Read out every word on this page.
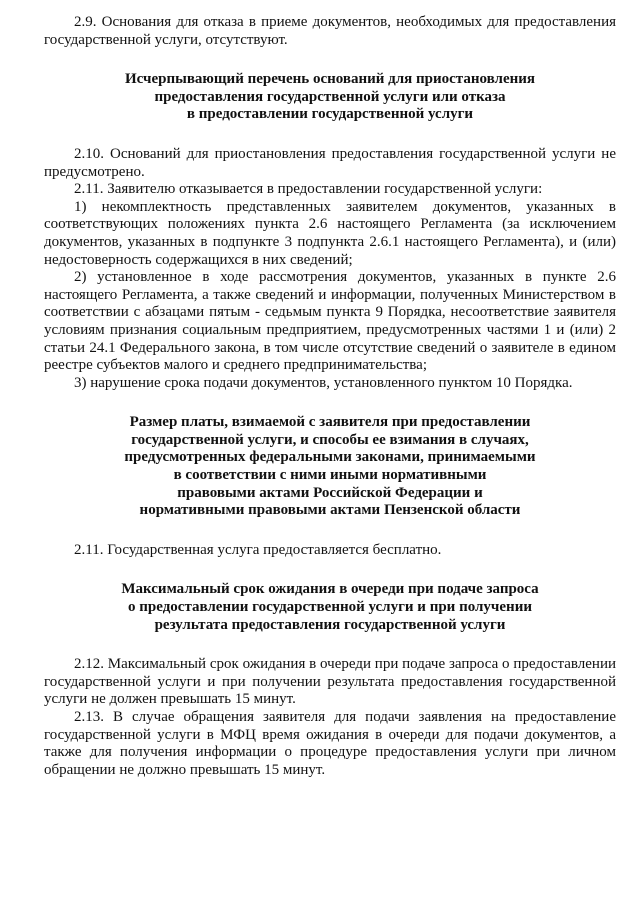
2.9. Основания для отказа в приеме документов, необходимых для предоставления государственной услуги, отсутствуют.

Исчерпывающий перечень оснований для приостановления
предоставления государственной услуги или отказа
в предоставлении государственной услуги

2.10. Оснований для приостановления предоставления государственной услуги не предусмотрено.

2.11. Заявителю отказывается в предоставлении государственной услуги:

1) некомплектность представленных заявителем документов, указанных в соответствующих положениях пункта 2.6 настоящего Регламента (за исключением документов, указанных в подпункте 3 подпункта 2.6.1 настоящего Регламента), и (или) недостоверность содержащихся в них сведений;

2) установленное в ходе рассмотрения документов, указанных в пункте 2.6 настоящего Регламента, а также сведений и информации, полученных Министерством в соответствии с абзацами пятым - седьмым пункта 9 Порядка, несоответствие заявителя условиям признания социальным предприятием, предусмотренных частями 1 и (или) 2 статьи 24.1 Федерального закона, в том числе отсутствие сведений о заявителе в едином реестре субъектов малого и среднего предпринимательства;

3) нарушение срока подачи документов, установленного пунктом 10 Порядка.

Размер платы, взимаемой с заявителя при предоставлении
государственной услуги, и способы ее взимания в случаях,
предусмотренных федеральными законами, принимаемыми
в соответствии с ними иными нормативными
правовыми актами Российской Федерации и
нормативными правовыми актами Пензенской области

2.11. Государственная услуга предоставляется бесплатно.

Максимальный срок ожидания в очереди при подаче запроса
о предоставлении государственной услуги и при получении
результата предоставления государственной услуги

2.12. Максимальный срок ожидания в очереди при подаче запроса о предоставлении государственной услуги и при получении результата предоставления государственной услуги не должен превышать 15 минут.

2.13. В случае обращения заявителя для подачи заявления на предоставление государственной услуги в МФЦ время ожидания в очереди для подачи документов, а также для получения информации о процедуре предоставления услуги при личном обращении не должно превышать 15 минут.
